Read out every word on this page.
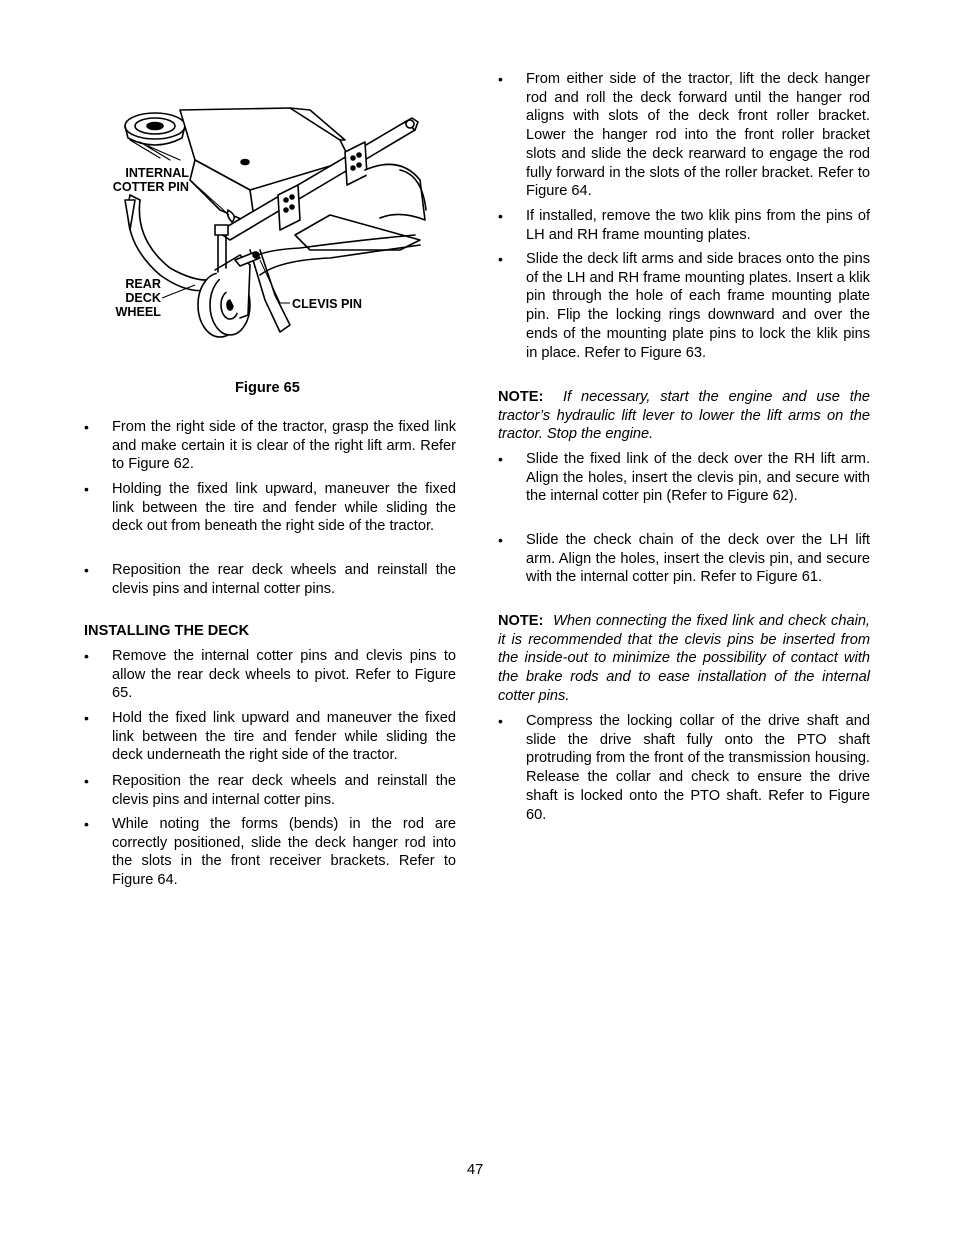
INTERNAL
COTTER PIN
REAR
DECK
WHEEL
CLEVIS PIN
Figure 65
• From the right side of the tractor, grasp the fixed link and make certain it is clear of the right lift arm. Refer to Figure 62.
• Holding the fixed link upward, maneuver the fixed link between the tire and fender while sliding the deck out from beneath the right side of the tractor.
• Reposition the rear deck wheels and reinstall the clevis pins and internal cotter pins.
INSTALLING THE DECK
• Remove the internal cotter pins and clevis pins to allow the rear deck wheels to pivot. Refer to Figure 65.
• Hold the fixed link upward and maneuver the fixed link between the tire and fender while sliding the deck underneath the right side of the tractor.
• Reposition the rear deck wheels and reinstall the clevis pins and internal cotter pins.
• While noting the forms (bends) in the rod are correctly positioned, slide the deck hanger rod into the slots in the front receiver brackets. Refer to Figure 64.
• From either side of the tractor, lift the deck hanger rod and roll the deck forward until the hanger rod aligns with slots of the deck front roller bracket. Lower the hanger rod into the front roller bracket slots and slide the deck rearward to engage the rod fully forward in the slots of the roller bracket. Refer to Figure 64.
• If installed, remove the two klik pins from the pins of LH and RH frame mounting plates.
• Slide the deck lift arms and side braces onto the pins of the LH and RH frame mounting plates. Insert a klik pin through the hole of each frame mounting plate pin. Flip the locking rings downward and over the ends of the mounting plate pins to lock the klik pins in place. Refer to Figure 63.
NOTE: If necessary, start the engine and use the tractor’s hydraulic lift lever to lower the lift arms on the tractor. Stop the engine.
• Slide the fixed link of the deck over the RH lift arm. Align the holes, insert the clevis pin, and secure with the internal cotter pin (Refer to Figure 62).
• Slide the check chain of the deck over the LH lift arm. Align the holes, insert the clevis pin, and secure with the internal cotter pin. Refer to Figure 61.
NOTE: When connecting the fixed link and check chain, it is recommended that the clevis pins be inserted from the inside-out to minimize the possibility of contact with the brake rods and to ease installation of the internal cotter pins.
• Compress the locking collar of the drive shaft and slide the drive shaft fully onto the PTO shaft protruding from the front of the transmission housing. Release the collar and check to ensure the drive shaft is locked onto the PTO shaft. Refer to Figure 60.
47
